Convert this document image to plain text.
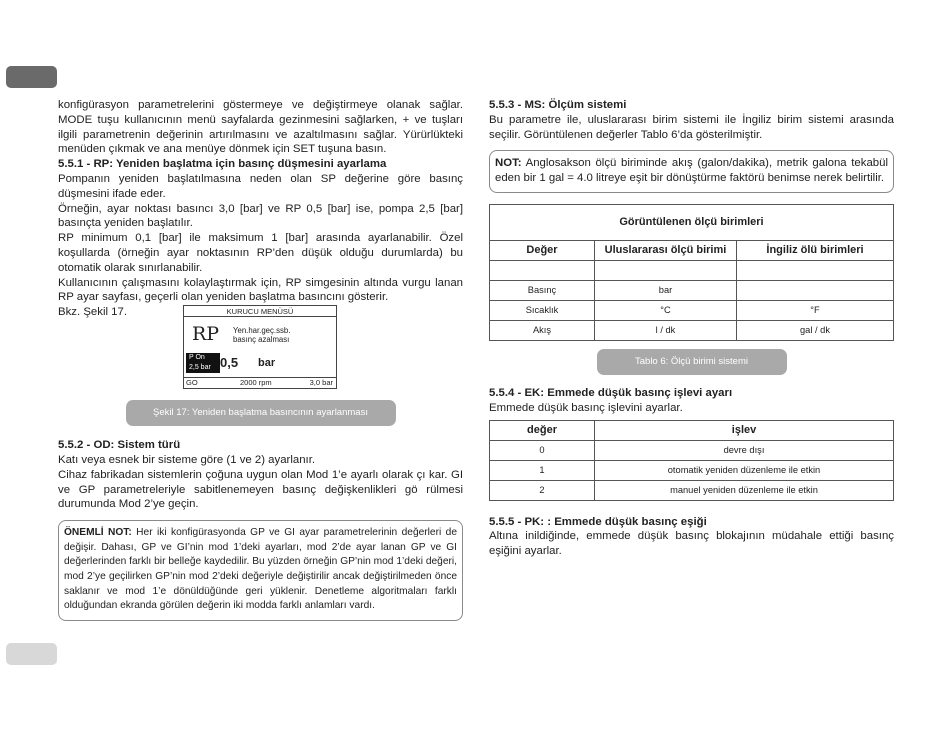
konfigürasyon parametrelerini göstermeye ve değiştirmeye olanak sağlar. MODE tuşu kullanıcının menü sayfalarda gezinmesini sağlarken, + ve tuşları ilgili parametrenin değerinin artırılmasını ve azaltılmasını sağlar. Yürürlükteki menüden çıkmak ve ana menüye dönmek için SET tuşuna basın.

5.5.1 - RP: Yeniden başlatma için basınç düşmesini ayarlama

Pompanın yeniden başlatılmasına neden olan SP değerine göre basınç düşmesini ifade eder.

Örneğin, ayar noktası basıncı 3,0 [bar] ve RP 0,5 [bar] ise, pompa 2,5 [bar] basınçta yeniden başlatılır.

RP minimum 0,1 [bar] ile maksimum 1 [bar] arasında ayarlanabilir. Özel koşullarda (örneğin ayar noktasının RP’den düşük olduğu durumlarda) bu otomatik olarak sınırlanabilir.

Kullanıcının çalışmasını kolaylaştırmak için, RP simgesinin altında vurgu lanan RP ayar sayfası, geçerli olan yeniden başlatma basıncını gösterir.

Bkz. Şekil 17.	KURUCU MENÜSÜ
RP Yen.har.geç.ssb.
basınç azalması
P On
2,5 bar 0,5 bar
GO	2000 rpm	3,0 bar
Şekil 17: Yeniden başlatma basıncının ayarlanması

5.5.2 - OD: Sistem türü

Katı veya esnek bir sisteme göre (1 ve 2) ayarlanır.

Cihaz fabrikadan sistemlerin çoğuna uygun olan Mod 1’e ayarlı olarak çı kar. GI ve GP parametreleriyle sabitlenemeyen basınç değişkenlikleri gö rülmesi durumunda Mod 2’ye geçin.

ÖNEMLİ NOT: Her iki konfigürasyonda GP ve GI ayar parametrelerinin değerleri de değişir. Dahası, GP ve GI’nin mod 1’deki ayarları, mod 2’de ayar lanan GP ve GI değerlerinden farklı bir belleğe kaydedilir. Bu yüzden örneğin GP’nin mod 1’deki değeri, mod 2’ye geçilirken GP’nin mod 2’deki değeriyle değiştirilir ancak değiştirilmeden önce saklanır ve mod 1’e dönüldüğünde geri yüklenir. Denetleme algoritmaları farklı olduğundan ekranda görülen değerin iki modda farklı anlamları vardı.

5.5.3 - MS: Ölçüm sistemi

Bu parametre ile, uluslararası birim sistemi ile İngiliz birim sistemi arasında seçilir. Görüntülenen değerler Tablo 6’da gösterilmiştir.

NOT: Anglosakson ölçü biriminde akış (galon/dakika), metrik galona tekabül eden bir 1 gal = 4.0 litreye eşit bir dönüştürme faktörü benimse nerek belirtilir.

Görüntülenen ölçü birimleri		
Değer	Uluslararası ölçü birimi	İngiliz ölü birimleri

Basınç	bar	
Sıcaklık	°C	°F
Akış	l / dk	gal / dk
Tablo 6: Ölçü birimi sistemi

5.5.4 - EK: Emmede düşük basınç işlevi ayarı

Emmede düşük basınç işlevini ayarlar.

değer	işlev
0	devre dışı
1	otomatik yeniden düzenleme ile etkin
2	manuel yeniden düzenleme ile etkin

5.5.5 - PK: : Emmede düşük basınç eşiği

Altına inildiğinde, emmede düşük basınç blokajının müdahale ettiği basınç eşiğini ayarlar.
